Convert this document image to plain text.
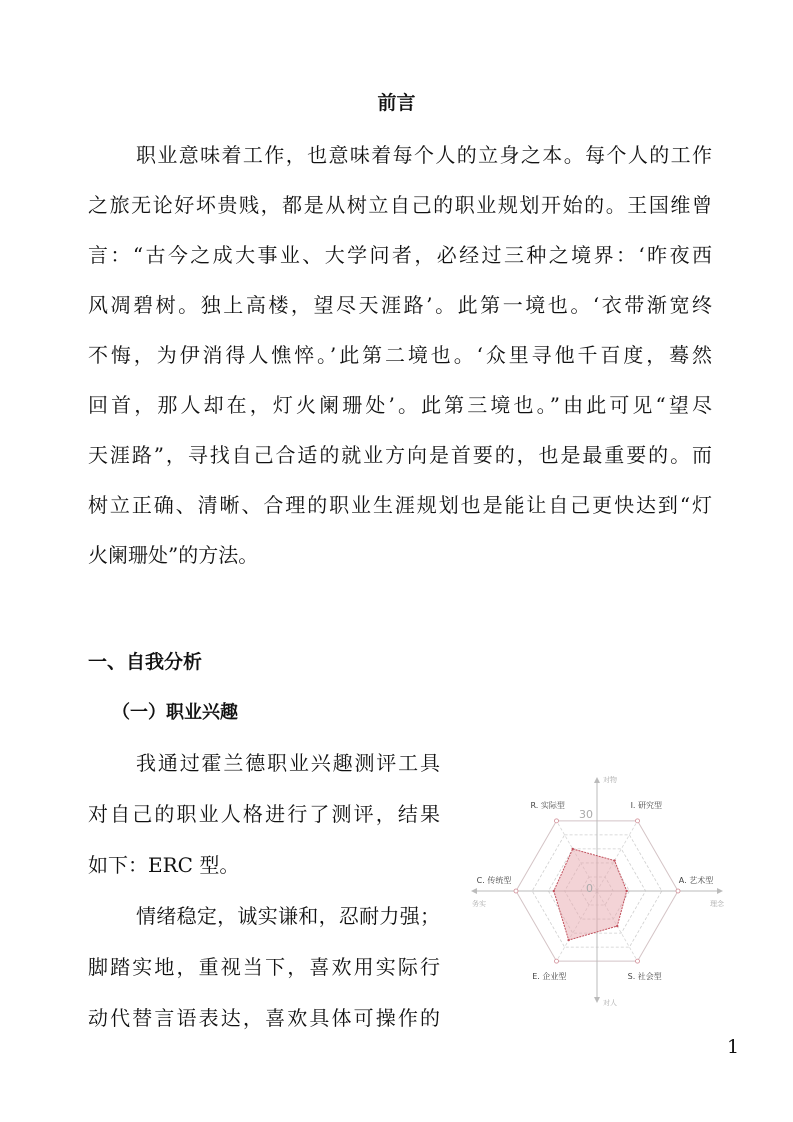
前言
职业意味着工作，也意味着每个人的立身之本。每个人的工作
之旅无论好坏贵贱，都是从树立自己的职业规划开始的。王国维曾
言：“古今之成大事业、大学问者，必经过三种之境界：‘昨夜西
风凋碧树。独上高楼，望尽天涯路’。此第一境也。‘衣带渐宽终
不悔，为伊消得人憔悴。’此第二境也。‘众里寻他千百度，蓦然
回首，那人却在，灯火阑珊处’。此第三境也。”由此可见“望尽
天涯路”，寻找自己合适的就业方向是首要的，也是最重要的。而
树立正确、清晰、合理的职业生涯规划也是能让自己更快达到“灯
火阑珊处”的方法。
一、自我分析
（一）职业兴趣
我通过霍兰德职业兴趣测评工具
对自己的职业人格进行了测评，结果
如下：ERC 型。
情绪稳定，诚实谦和，忍耐力强；
脚踏实地，重视当下，喜欢用实际行
动代替言语表达，喜欢具体可操作的
对物
对人
务实	理念
R. 实际型	I. 研究型
A. 艺术型
S. 社会型
E. 企业型
C. 传统型
0
30
1
